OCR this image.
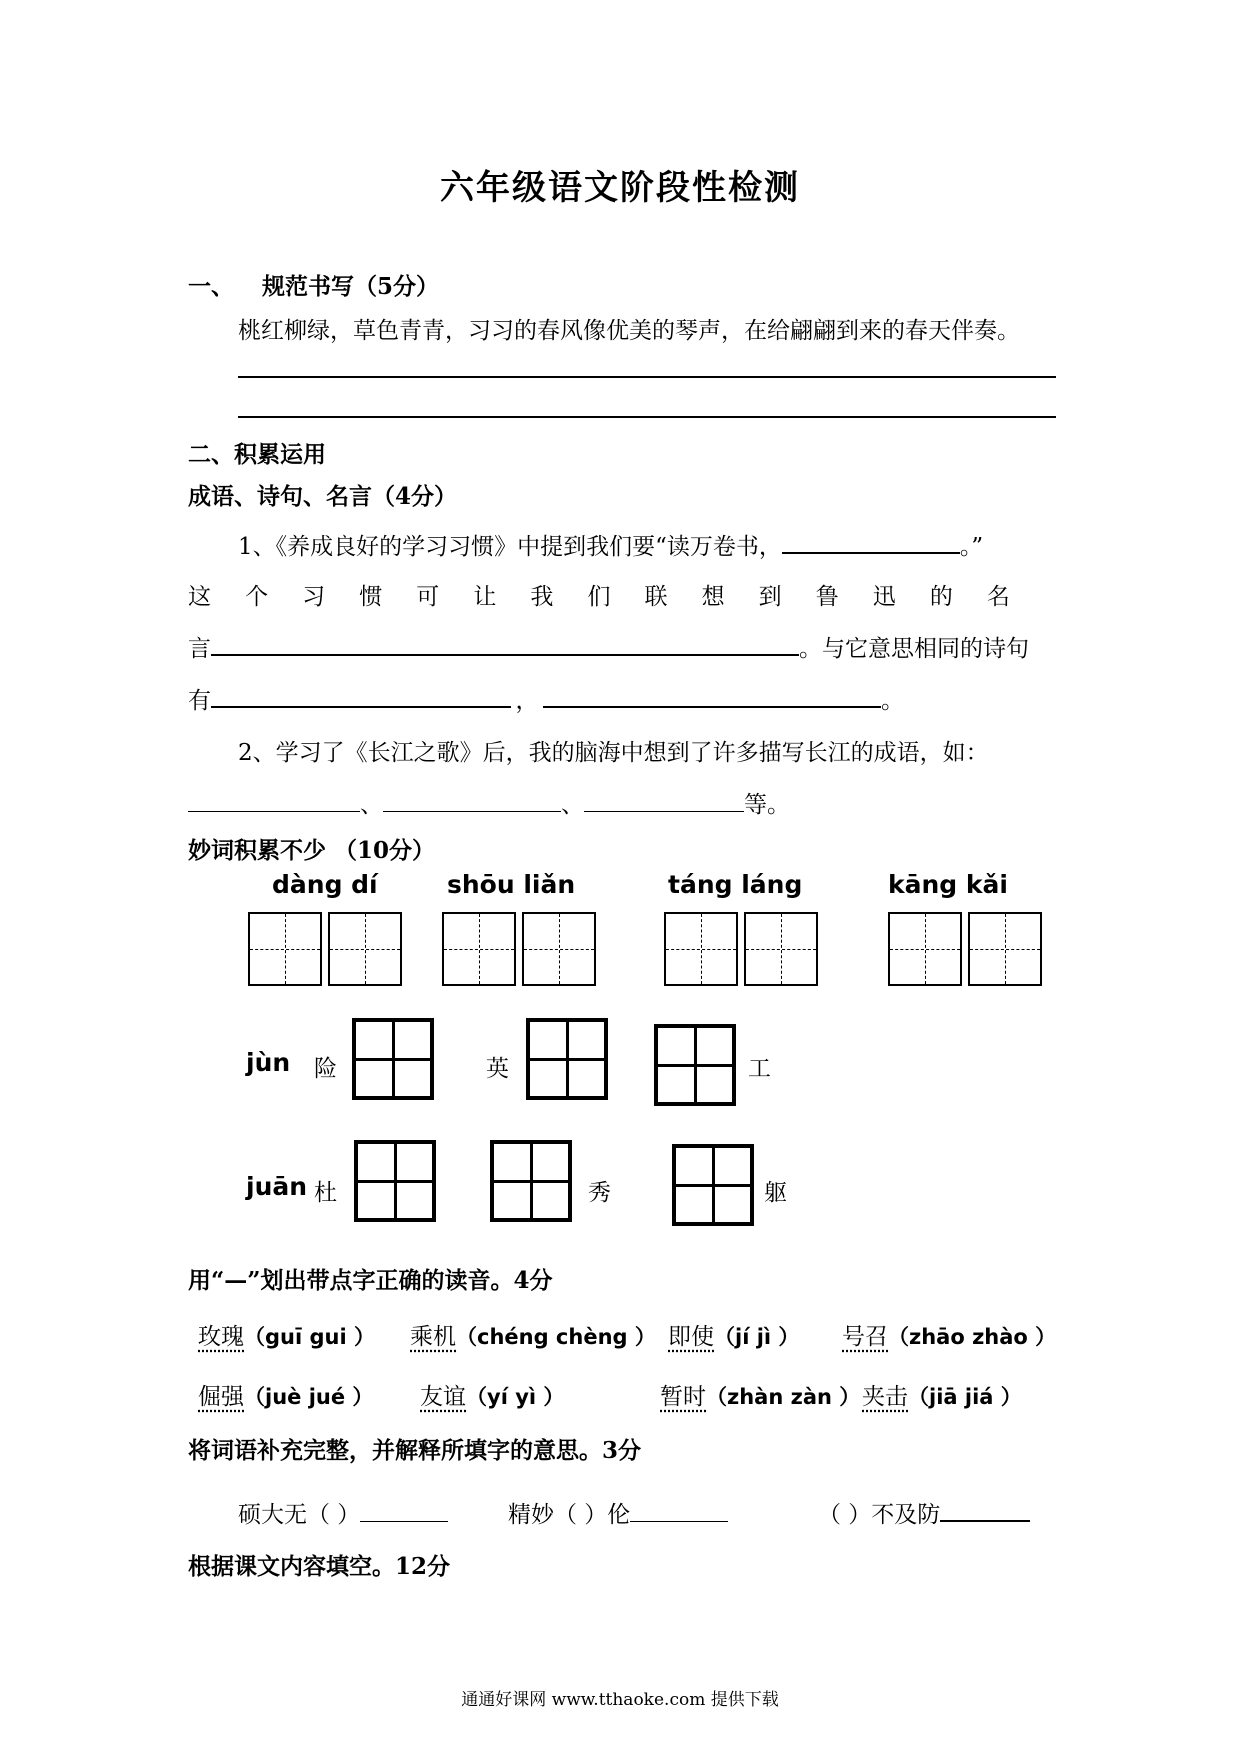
六年级语文阶段性检测
一、 规范书写（5分）
桃红柳绿，草色青青，习习的春风像优美的琴声，在给翩翩到来的春天伴奏。
二、积累运用
成语、诗句、名言（4分）
1、《养成良好的学习习惯》中提到我们要“读万卷书，	。”
这 个 习 惯 可 让 我 们 联 想 到 鲁 迅 的 名
言	。与它意思相同的诗句
有	，	。
2、学习了《长江之歌》后，我的脑海中想到了许多描写长江的成语，如：
、	、	等。
妙词积累不少 （10分）
dàng dí	shōu liǎn	táng láng	kāng kǎi
jùn 险	英	工
juān 杜	秀	躯
用“—”划出带点字正确的读音。4分
玫瑰（guī gui ） 乘机（chéng chèng ） 即使（jí jì ） 号召（zhāo zhào ）
倔强（juè jué ） 友谊（yí yì ）	暂时（zhàn zàn ） 夹击（jiā jiá ）
将词语补充完整，并解释所填字的意思。3分
硕大无（ ）	精妙（ ）伦	（ ）不及防
根据课文内容填空。12分
通通好课网 www.tthaoke.com 提供下载
